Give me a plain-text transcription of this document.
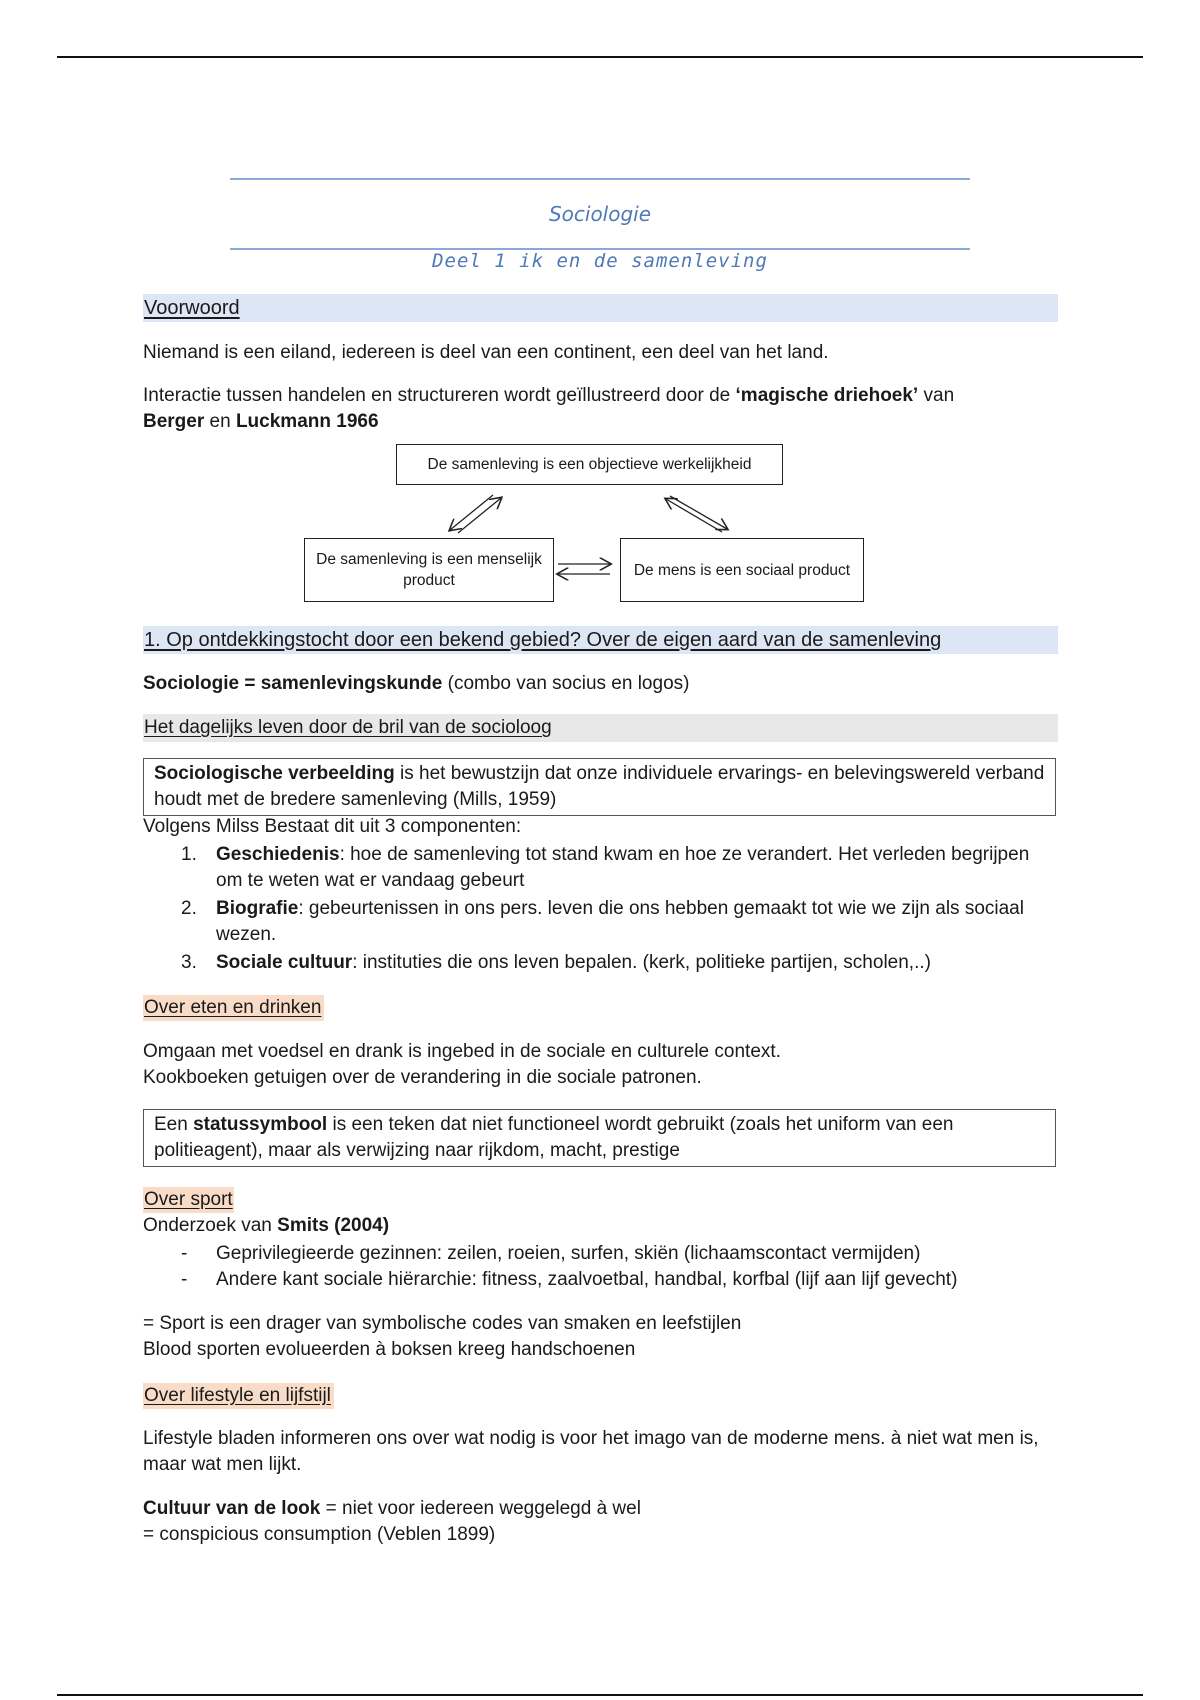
Sociologie
Deel 1 ik en de samenleving
Voorwoord
Niemand is een eiland, iedereen is deel van een continent, een deel van het land.
Interactie tussen handelen en structureren wordt geïllustreerd door de ‘magische driehoek’ van
Berger en Luckmann 1966
De samenleving is een objectieve werkelijkheid
De samenleving is een menselijk product
De mens is een sociaal product
1. Op ontdekkingstocht door een bekend gebied? Over de eigen aard van de samenleving
Sociologie = samenlevingskunde (combo van socius en logos)
Het dagelijks leven door de bril van de socioloog
Sociologische verbeelding is het bewustzijn dat onze individuele ervarings- en belevingswereld verband houdt met de bredere samenleving (Mills, 1959)
Volgens Milss Bestaat dit uit 3 componenten:
1. Geschiedenis: hoe de samenleving tot stand kwam en hoe ze verandert. Het verleden begrijpen om te weten wat er vandaag gebeurt
2. Biografie: gebeurtenissen in ons pers. leven die ons hebben gemaakt tot wie we zijn als sociaal wezen.
3. Sociale cultuur: instituties die ons leven bepalen. (kerk, politieke partijen, scholen,..)
Over eten en drinken
Omgaan met voedsel en drank is ingebed in de sociale en culturele context.
Kookboeken getuigen over de verandering in die sociale patronen.
Een statussymbool is een teken dat niet functioneel wordt gebruikt (zoals het uniform van een politieagent), maar als verwijzing naar rijkdom, macht, prestige
Over sport
Onderzoek van Smits (2004)
- Geprivilegieerde gezinnen: zeilen, roeien, surfen, skiën (lichaamscontact vermijden)
- Andere kant sociale hiërarchie: fitness, zaalvoetbal, handbal, korfbal (lijf aan lijf gevecht)
= Sport is een drager van symbolische codes van smaken en leefstijlen
Blood sporten evolueerden à boksen kreeg handschoenen
Over lifestyle en lijfstijl
Lifestyle bladen informeren ons over wat nodig is voor het imago van de moderne mens. à niet wat men is, maar wat men lijkt.
Cultuur van de look = niet voor iedereen weggelegd à wel
= conspicious consumption (Veblen 1899)
